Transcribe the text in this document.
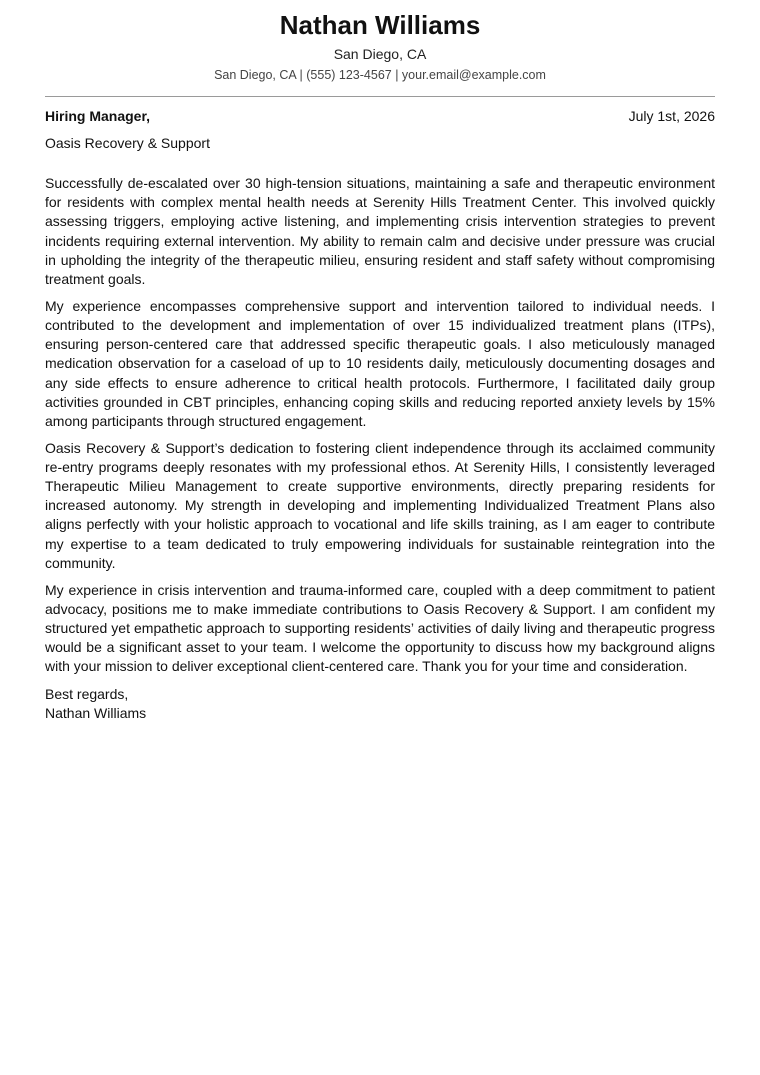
Nathan Williams
San Diego, CA
San Diego, CA | (555) 123-4567 | your.email@example.com
Hiring Manager,	July 1st, 2026
Oasis Recovery & Support

Successfully de-escalated over 30 high-tension situations, maintaining a safe and therapeutic environment for residents with complex mental health needs at Serenity Hills Treatment Center. This involved quickly assessing triggers, employing active listening, and implementing crisis intervention strategies to prevent incidents requiring external intervention. My ability to remain calm and decisive under pressure was crucial in upholding the integrity of the therapeutic milieu, ensuring resident and staff safety without compromising treatment goals.

My experience encompasses comprehensive support and intervention tailored to individual needs. I contributed to the development and implementation of over 15 individualized treatment plans (ITPs), ensuring person-centered care that addressed specific therapeutic goals. I also meticulously managed medication observation for a caseload of up to 10 residents daily, meticulously documenting dosages and any side effects to ensure adherence to critical health protocols. Furthermore, I facilitated daily group activities grounded in CBT principles, enhancing coping skills and reducing reported anxiety levels by 15% among participants through structured engagement.

Oasis Recovery & Support’s dedication to fostering client independence through its acclaimed community re-entry programs deeply resonates with my professional ethos. At Serenity Hills, I consistently leveraged Therapeutic Milieu Management to create supportive environments, directly preparing residents for increased autonomy. My strength in developing and implementing Individualized Treatment Plans also aligns perfectly with your holistic approach to vocational and life skills training, as I am eager to contribute my expertise to a team dedicated to truly empowering individuals for sustainable reintegration into the community.

My experience in crisis intervention and trauma-informed care, coupled with a deep commitment to patient advocacy, positions me to make immediate contributions to Oasis Recovery & Support. I am confident my structured yet empathetic approach to supporting residents’ activities of daily living and therapeutic progress would be a significant asset to your team. I welcome the opportunity to discuss how my background aligns with your mission to deliver exceptional client-centered care. Thank you for your time and consideration.

Best regards,
Nathan Williams
